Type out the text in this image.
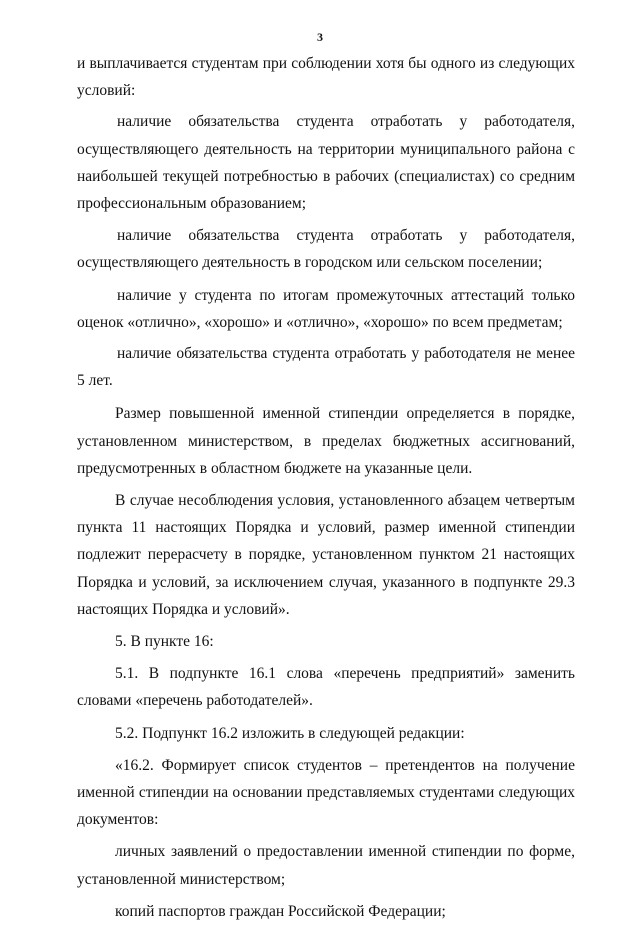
3

и выплачивается студентам при соблюдении хотя бы одного из следующих условий:

наличие обязательства студента отработать у работодателя, осуществляющего деятельность на территории муниципального района с наибольшей текущей потребностью в рабочих (специалистах) со средним профессиональным образованием;

наличие обязательства студента отработать у работодателя, осуществляющего деятельность в городском или сельском поселении;

наличие у студента по итогам промежуточных аттестаций только оценок «отлично», «хорошо» и «отлично», «хорошо» по всем предметам;

наличие обязательства студента отработать у работодателя не менее 5 лет.

Размер повышенной именной стипендии определяется в порядке, установленном министерством, в пределах бюджетных ассигнований, предусмотренных в областном бюджете на указанные цели.

В случае несоблюдения условия, установленного абзацем четвертым пункта 11 настоящих Порядка и условий, размер именной стипендии подлежит перерасчету в порядке, установленном пунктом 21 настоящих Порядка и условий, за исключением случая, указанного в подпункте 29.3 настоящих Порядка и условий».

5. В пункте 16:

5.1. В подпункте 16.1 слова «перечень предприятий» заменить словами «перечень работодателей».

5.2. Подпункт 16.2 изложить в следующей редакции:

«16.2. Формирует список студентов – претендентов на получение именной стипендии на основании представляемых студентами следующих документов:

личных заявлений о предоставлении именной стипендии по форме, установленной министерством;

копий паспортов граждан Российской Федерации;
